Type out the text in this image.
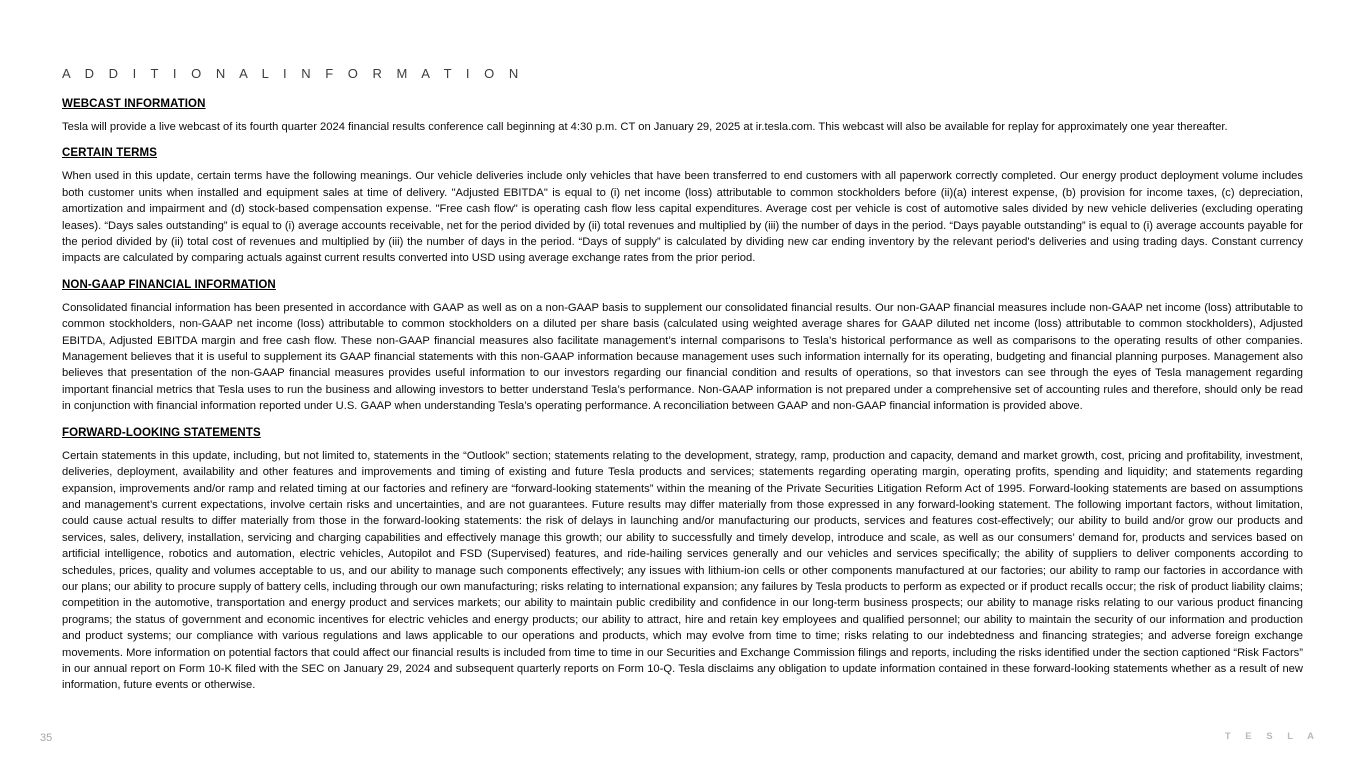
A D D I T I O N A L I N F O R M A T I O N
WEBCAST INFORMATION

Tesla will provide a live webcast of its fourth quarter 2024 financial results conference call beginning at 4:30 p.m. CT on January 29, 2025 at ir.tesla.com. This webcast will also be available for replay for approximately one year thereafter.

CERTAIN TERMS

When used in this update, certain terms have the following meanings. Our vehicle deliveries include only vehicles that have been transferred to end customers with all paperwork correctly completed. Our energy product deployment volume includes both customer units when installed and equipment sales at time of delivery. "Adjusted EBITDA" is equal to (i) net income (loss) attributable to common stockholders before (ii)(a) interest expense, (b) provision for income taxes, (c) depreciation, amortization and impairment and (d) stock-based compensation expense. "Free cash flow" is operating cash flow less capital expenditures. Average cost per vehicle is cost of automotive sales divided by new vehicle deliveries (excluding operating leases). “Days sales outstanding” is equal to (i) average accounts receivable, net for the period divided by (ii) total revenues and multiplied by (iii) the number of days in the period. “Days payable outstanding” is equal to (i) average accounts payable for the period divided by (ii) total cost of revenues and multiplied by (iii) the number of days in the period. “Days of supply” is calculated by dividing new car ending inventory by the relevant period's deliveries and using trading days. Constant currency impacts are calculated by comparing actuals against current results converted into USD using average exchange rates from the prior period.

NON-GAAP FINANCIAL INFORMATION

Consolidated financial information has been presented in accordance with GAAP as well as on a non-GAAP basis to supplement our consolidated financial results. Our non-GAAP financial measures include non-GAAP net income (loss) attributable to common stockholders, non-GAAP net income (loss) attributable to common stockholders on a diluted per share basis (calculated using weighted average shares for GAAP diluted net income (loss) attributable to common stockholders), Adjusted EBITDA, Adjusted EBITDA margin and free cash flow. These non-GAAP financial measures also facilitate management’s internal comparisons to Tesla’s historical performance as well as comparisons to the operating results of other companies. Management believes that it is useful to supplement its GAAP financial statements with this non-GAAP information because management uses such information internally for its operating, budgeting and financial planning purposes. Management also believes that presentation of the non-GAAP financial measures provides useful information to our investors regarding our financial condition and results of operations, so that investors can see through the eyes of Tesla management regarding important financial metrics that Tesla uses to run the business and allowing investors to better understand Tesla’s performance. Non-GAAP information is not prepared under a comprehensive set of accounting rules and therefore, should only be read in conjunction with financial information reported under U.S. GAAP when understanding Tesla’s operating performance. A reconciliation between GAAP and non-GAAP financial information is provided above.

FORWARD-LOOKING STATEMENTS

Certain statements in this update, including, but not limited to, statements in the “Outlook” section; statements relating to the development, strategy, ramp, production and capacity, demand and market growth, cost, pricing and profitability, investment, deliveries, deployment, availability and other features and improvements and timing of existing and future Tesla products and services; statements regarding operating margin, operating profits, spending and liquidity; and statements regarding expansion, improvements and/or ramp and related timing at our factories and refinery are “forward-looking statements” within the meaning of the Private Securities Litigation Reform Act of 1995. Forward-looking statements are based on assumptions and management’s current expectations, involve certain risks and uncertainties, and are not guarantees. Future results may differ materially from those expressed in any forward-looking statement. The following important factors, without limitation, could cause actual results to differ materially from those in the forward-looking statements: the risk of delays in launching and/or manufacturing our products, services and features cost-effectively; our ability to build and/or grow our products and services, sales, delivery, installation, servicing and charging capabilities and effectively manage this growth; our ability to successfully and timely develop, introduce and scale, as well as our consumers’ demand for, products and services based on artificial intelligence, robotics and automation, electric vehicles, Autopilot and FSD (Supervised) features, and ride-hailing services generally and our vehicles and services specifically; the ability of suppliers to deliver components according to schedules, prices, quality and volumes acceptable to us, and our ability to manage such components effectively; any issues with lithium-ion cells or other components manufactured at our factories; our ability to ramp our factories in accordance with our plans; our ability to procure supply of battery cells, including through our own manufacturing; risks relating to international expansion; any failures by Tesla products to perform as expected or if product recalls occur; the risk of product liability claims; competition in the automotive, transportation and energy product and services markets; our ability to maintain public credibility and confidence in our long-term business prospects; our ability to manage risks relating to our various product financing programs; the status of government and economic incentives for electric vehicles and energy products; our ability to attract, hire and retain key employees and qualified personnel; our ability to maintain the security of our information and production and product systems; our compliance with various regulations and laws applicable to our operations and products, which may evolve from time to time; risks relating to our indebtedness and financing strategies; and adverse foreign exchange movements. More information on potential factors that could affect our financial results is included from time to time in our Securities and Exchange Commission filings and reports, including the risks identified under the section captioned “Risk Factors” in our annual report on Form 10-K filed with the SEC on January 29, 2024 and subsequent quarterly reports on Form 10-Q. Tesla disclaims any obligation to update information contained in these forward-looking statements whether as a result of new information, future events or otherwise.

35	T E S L A
